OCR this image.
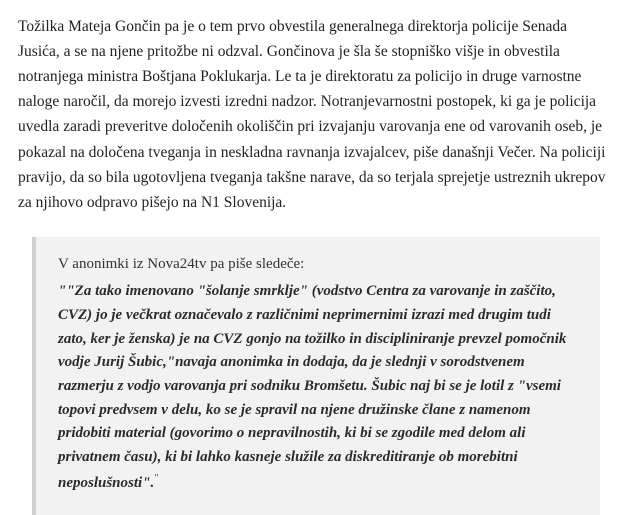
Tožilka Mateja Gončin pa je o tem prvo obvestila generalnega direktorja policije Senada Jusića, a se na njene pritožbe ni odzval. Gončinova je šla še stopniško višje in obvestila notranjega ministra Boštjana Poklukarja. Le ta je direktoratu za policijo in druge varnostne naloge naročil, da morejo izvesti izredni nadzor. Notranjevarnostni postopek, ki ga je policija uvedla zaradi preveritve določenih okoliščin pri izvajanju varovanja ene od varovanih oseb, je pokazal na določena tveganja in neskladna ravnanja izvajalcev, piše današnji Večer. Na policiji pravijo, da so bila ugotovljena tveganja takšne narave, da so terjala sprejetje ustreznih ukrepov za njihovo odpravo pišejo na N1 Slovenija.

V anonimki iz Nova24tv pa piše sledeče:

""Za tako imenovano "šolanje smrklje" (vodstvo Centra za varovanje in zaščito, CVZ) jo je večkrat označevalo z različnimi neprimernimi izrazi med drugim tudi zato, ker je ženska) je na CVZ gonjo na tožilko in discipliniranje prevzel pomočnik vodje Jurij Šubic,"navaja anonimka in dodaja, da je slednji v sorodstvenem razmerju z vodjo varovanja pri sodniku Bromšetu. Šubic naj bi se je lotil z "vsemi topovi predvsem v delu, ko se je spravil na njene družinske člane z namenom pridobiti material (govorimo o nepravilnostih, ki bi se zgodile med delom ali privatnem času), ki bi lahko kasneje služile za diskreditiranje ob morebitni neposlušnosti"."
